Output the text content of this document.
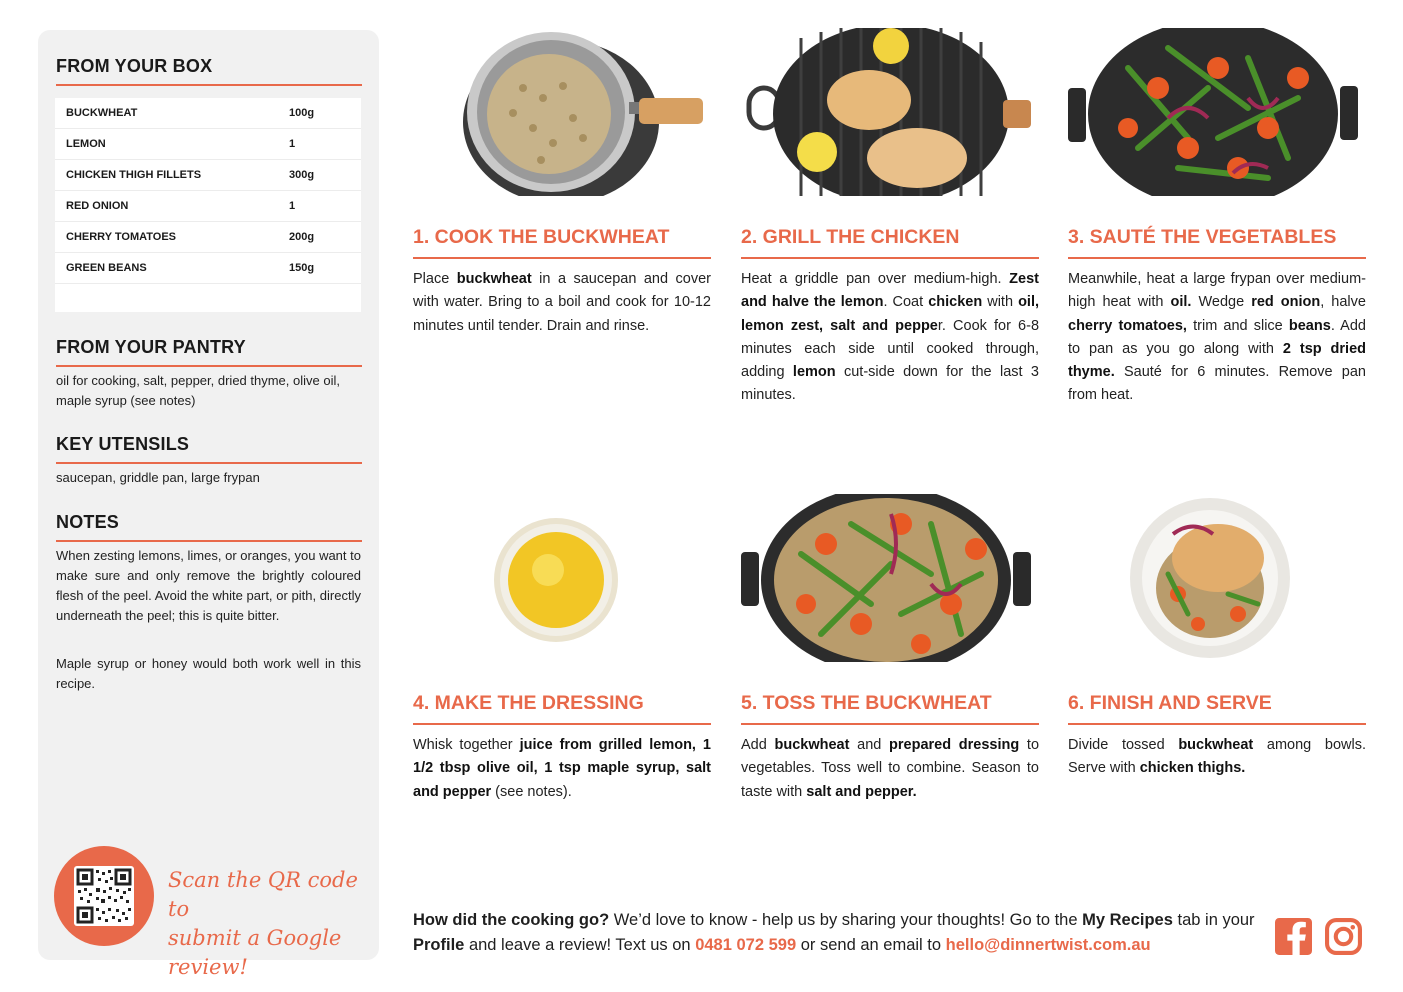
FROM YOUR BOX
BUCKWHEAT	100g
LEMON	1
CHICKEN THIGH FILLETS	300g
RED ONION	1
CHERRY TOMATOES	200g
GREEN BEANS	150g
FROM YOUR PANTRY
oil for cooking, salt, pepper, dried thyme, olive oil, maple syrup (see notes)
KEY UTENSILS
saucepan, griddle pan, large frypan
NOTES
When zesting lemons, limes, or oranges, you want to make sure and only remove the brightly coloured flesh of the peel. Avoid the white part, or pith, directly underneath the peel; this is quite bitter.
Maple syrup or honey would both work well in this recipe.
Scan the QR code to
submit a Google review!
1. COOK THE BUCKWHEAT
Place buckwheat in a saucepan and cover with water. Bring to a boil and cook for 10-12 minutes until tender. Drain and rinse.
2. GRILL THE CHICKEN
Heat a griddle pan over medium-high. Zest and halve the lemon. Coat chicken with oil, lemon zest, salt and pepper. Cook for 6-8 minutes each side until cooked through, adding lemon cut-side down for the last 3 minutes.
3. SAUTÉ THE VEGETABLES
Meanwhile, heat a large frypan over medium-high heat with oil. Wedge red onion, halve cherry tomatoes, trim and slice beans. Add to pan as you go along with 2 tsp dried thyme. Sauté for 6 minutes. Remove pan from heat.
4. MAKE THE DRESSING
Whisk together juice from grilled lemon, 1 1/2 tbsp olive oil, 1 tsp maple syrup, salt and pepper (see notes).
5. TOSS THE BUCKWHEAT
Add buckwheat and prepared dressing to vegetables. Toss well to combine. Season to taste with salt and pepper.
6. FINISH AND SERVE
Divide tossed buckwheat among bowls. Serve with chicken thighs.
How did the cooking go? We’d love to know - help us by sharing your thoughts! Go to the My Recipes tab in your Profile and leave a review! Text us on 0481 072 599 or send an email to hello@dinnertwist.com.au
